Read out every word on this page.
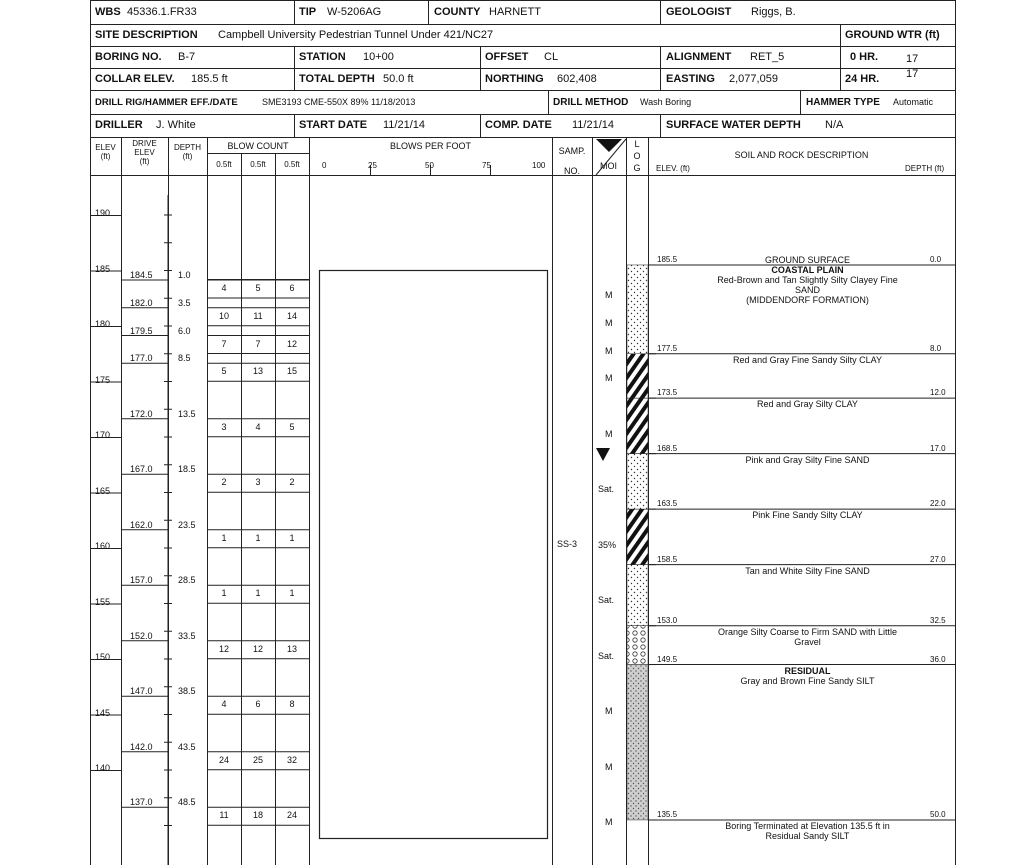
WBS 45336.1.FR33	TIP W-5206AG	COUNTY HARNETT	GEOLOGIST Riggs, B.
SITE DESCRIPTION Campbell University Pedestrian Tunnel Under 421/NC27	GROUND WTR (ft)
BORING NO. B-7	STATION 10+00	OFFSET CL	ALIGNMENT RET_5	0 HR.	17
COLLAR ELEV. 185.5 ft	TOTAL DEPTH 50.0 ft	NORTHING 602,408	EASTING 2,077,059	24 HR. 17
DRILL RIG/HAMMER EFF./DATE	SME3193 CME-550X 89% 11/18/2013	DRILL METHOD Wash Boring	HAMMER TYPE Automatic
DRILLER J. White	START DATE 11/21/14	COMP. DATE 11/21/14	SURFACE WATER DEPTH N/A
ELEV
(ft)
DRIVE
ELEV
(ft)
DEPTH
(ft)
BLOW COUNT
0.5ft	0.5ft	0.5ft
BLOWS PER FOOT	SAMP.
NO.	MOI
L
O
G
SOIL AND ROCK DESCRIPTION
ELEV. (ft)	DEPTH (ft)
0	25	50	75	100
190
185
180
175
170
165
160
155
150
145
140
184.5	1.0
4	5	6
M
182.0	3.5
10	11	14
M
179.5	6.0
7	7	12
M
177.0	8.5
5	13	15
M
172.0	13.5
3	4	5
M
167.0	18.5
2	3	2
Sat.
162.0	23.5
1	1	1
SS-3 35%
157.0	28.5
1	1	1
Sat.
152.0	33.5
12	12	13
Sat.
147.0	38.5
4	6	8
M
142.0	43.5
24	25	32
M
137.0	48.5
11	18	24
M
185.5	0.0
GROUND SURFACE
COASTAL PLAIN
Red-Brown and Tan Slightly Silty Clayey Fine
SAND
(MIDDENDORF FORMATION)
177.5	8.0
Red and Gray Fine Sandy Silty CLAY
173.5	12.0
Red and Gray Silty CLAY
168.5	17.0
Pink and Gray Silty Fine SAND
163.5	22.0
Pink Fine Sandy Silty CLAY
158.5	27.0
Tan and White Silty Fine SAND
153.0	32.5
Orange Silty Coarse to Firm SAND with Little
Gravel
149.5	36.0
RESIDUAL
Gray and Brown Fine Sandy SILT
135.5	50.0
Boring Terminated at Elevation 135.5 ft in
Residual Sandy SILT
